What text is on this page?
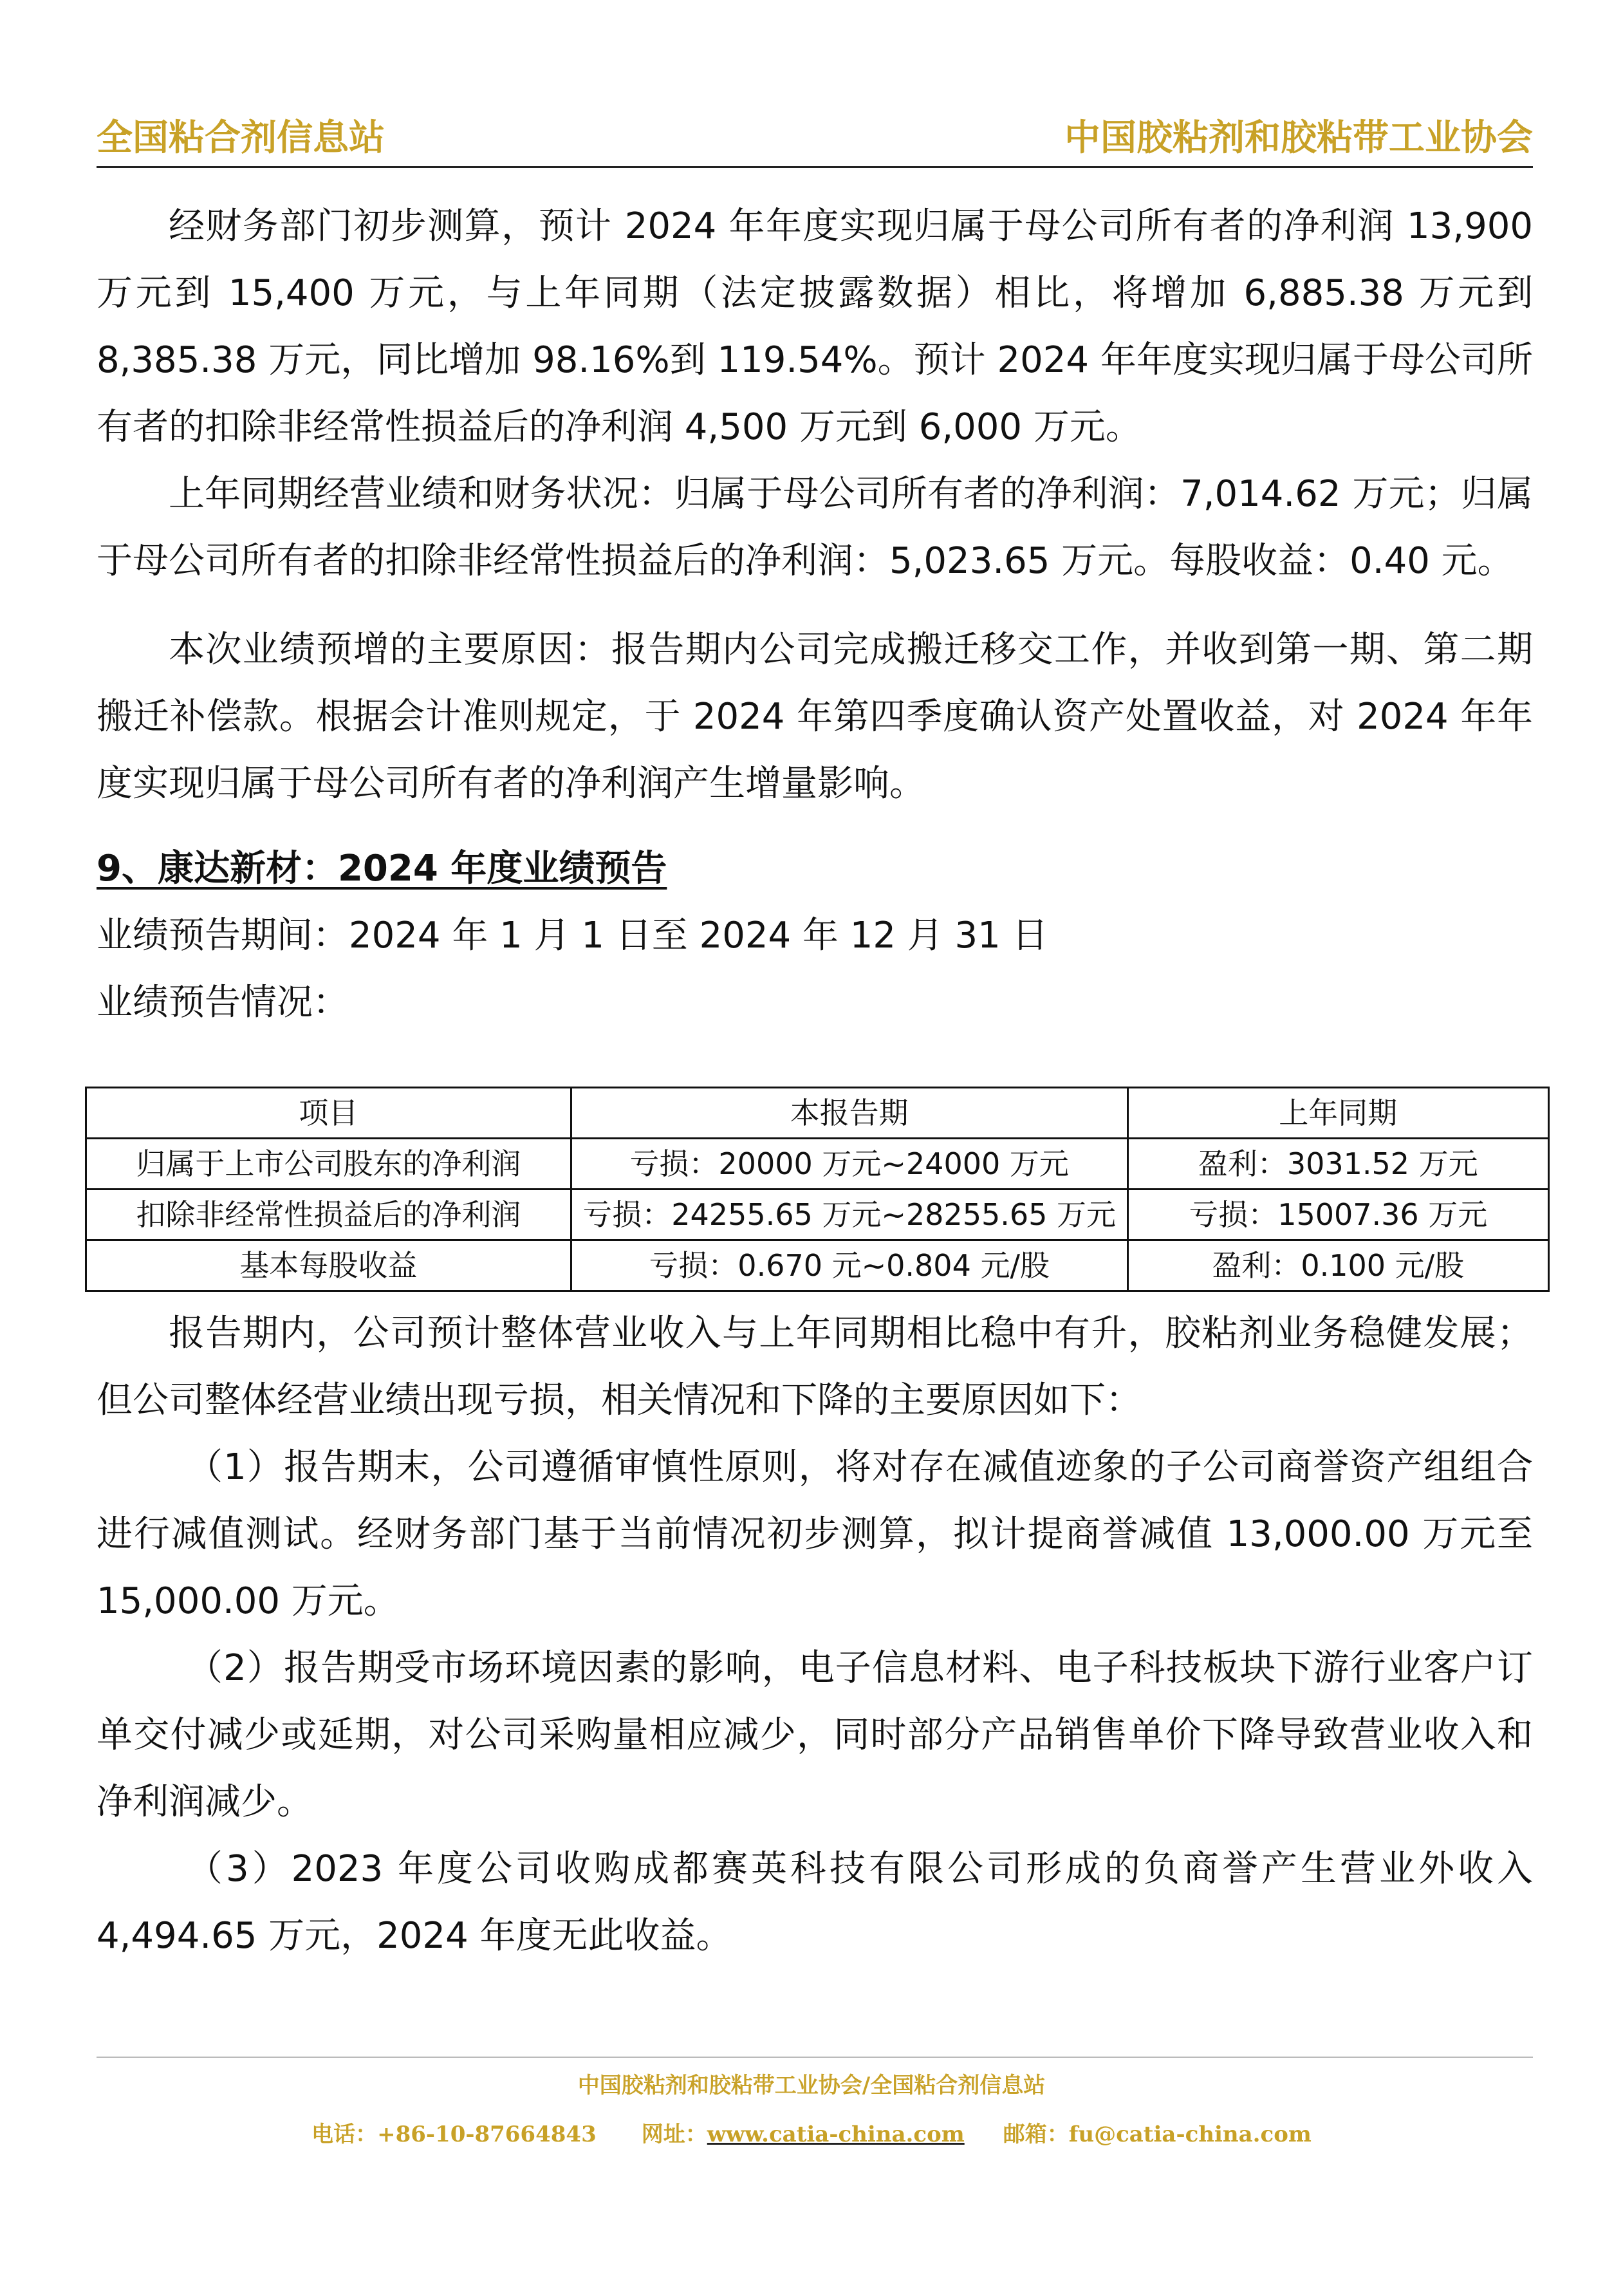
全国粘合剂信息站	中国胶粘剂和胶粘带工业协会

经财务部门初步测算，预计 2024 年年度实现归属于母公司所有者的净利润 13,900 万元到 15,400 万元，与上年同期（法定披露数据）相比，将增加 6,885.38 万元到 8,385.38 万元，同比增加 98.16%到 119.54%。预计 2024 年年度实现归属于母公司所有者的扣除非经常性损益后的净利润 4,500 万元到 6,000 万元。

上年同期经营业绩和财务状况：归属于母公司所有者的净利润：7,014.62 万元；归属于母公司所有者的扣除非经常性损益后的净利润：5,023.65 万元。每股收益：0.40 元。

本次业绩预增的主要原因：报告期内公司完成搬迁移交工作，并收到第一期、第二期搬迁补偿款。根据会计准则规定，于 2024 年第四季度确认资产处置收益，对 2024 年年度实现归属于母公司所有者的净利润产生增量影响。

9、康达新材：2024 年度业绩预告

业绩预告期间：2024 年 1 月 1 日至 2024 年 12 月 31 日

业绩预告情况：

项目	本报告期	上年同期
归属于上市公司股东的净利润	亏损：20000 万元~24000 万元	盈利：3031.52 万元
扣除非经常性损益后的净利润	亏损：24255.65 万元~28255.65 万元	亏损：15007.36 万元
基本每股收益	亏损：0.670 元~0.804 元/股	盈利：0.100 元/股

报告期内，公司预计整体营业收入与上年同期相比稳中有升，胶粘剂业务稳健发展；但公司整体经营业绩出现亏损，相关情况和下降的主要原因如下：

（1）报告期末，公司遵循审慎性原则，将对存在减值迹象的子公司商誉资产组组合进行减值测试。经财务部门基于当前情况初步测算，拟计提商誉减值 13,000.00 万元至 15,000.00 万元。

（2）报告期受市场环境因素的影响，电子信息材料、电子科技板块下游行业客户订单交付减少或延期，对公司采购量相应减少，同时部分产品销售单价下降导致营业收入和净利润减少。

（3）2023 年度公司收购成都赛英科技有限公司形成的负商誉产生营业外收入 4,494.65 万元，2024 年度无此收益。

中国胶粘剂和胶粘带工业协会/全国粘合剂信息站
电话：+86-10-87664843 网址：www.catia-china.com 邮箱：fu@catia-china.com
